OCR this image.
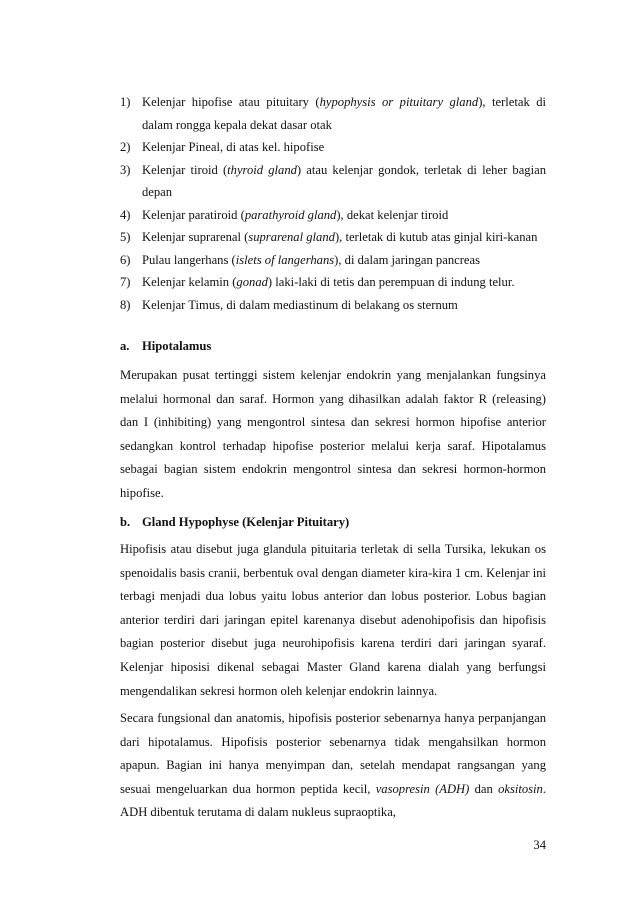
1) Kelenjar hipofise atau pituitary (hypophysis or pituitary gland), terletak di dalam rongga kepala dekat dasar otak
2) Kelenjar Pineal, di atas kel. hipofise
3) Kelenjar tiroid (thyroid gland) atau kelenjar gondok, terletak di leher bagian depan
4) Kelenjar paratiroid (parathyroid gland), dekat kelenjar tiroid
5) Kelenjar suprarenal (suprarenal gland), terletak di kutub atas ginjal kiri-kanan
6) Pulau langerhans (islets of langerhans), di dalam jaringan pancreas
7) Kelenjar kelamin (gonad) laki-laki di tetis dan perempuan di indung telur.
8) Kelenjar Timus, di dalam mediastinum di belakang os sternum
a. Hipotalamus

Merupakan pusat tertinggi sistem kelenjar endokrin yang menjalankan fungsinya melalui hormonal dan saraf. Hormon yang dihasilkan adalah faktor R (releasing) dan I (inhibiting) yang mengontrol sintesa dan sekresi hormon hipofise anterior sedangkan kontrol terhadap hipofise posterior melalui kerja saraf. Hipotalamus sebagai bagian sistem endokrin mengontrol sintesa dan sekresi hormon-hormon hipofise.

b. Gland Hypophyse (Kelenjar Pituitary)

Hipofisis atau disebut juga glandula pituitaria terletak di sella Tursika, lekukan os spenoidalis basis cranii, berbentuk oval dengan diameter kira-kira 1 cm. Kelenjar ini terbagi menjadi dua lobus yaitu lobus anterior dan lobus posterior. Lobus bagian anterior terdiri dari jaringan epitel karenanya disebut adenohipofisis dan hipofisis bagian posterior disebut juga neurohipofisis karena terdiri dari jaringan syaraf. Kelenjar hiposisi dikenal sebagai Master Gland karena dialah yang berfungsi mengendalikan sekresi hormon oleh kelenjar endokrin lainnya.

Secara fungsional dan anatomis, hipofisis posterior sebenarnya hanya perpanjangan dari hipotalamus. Hipofisis posterior sebenarnya tidak mengahsilkan hormon apapun. Bagian ini hanya menyimpan dan, setelah mendapat rangsangan yang sesuai mengeluarkan dua hormon peptida kecil, vasopresin (ADH) dan oksitosin. ADH dibentuk terutama di dalam nukleus supraoptika,

34
